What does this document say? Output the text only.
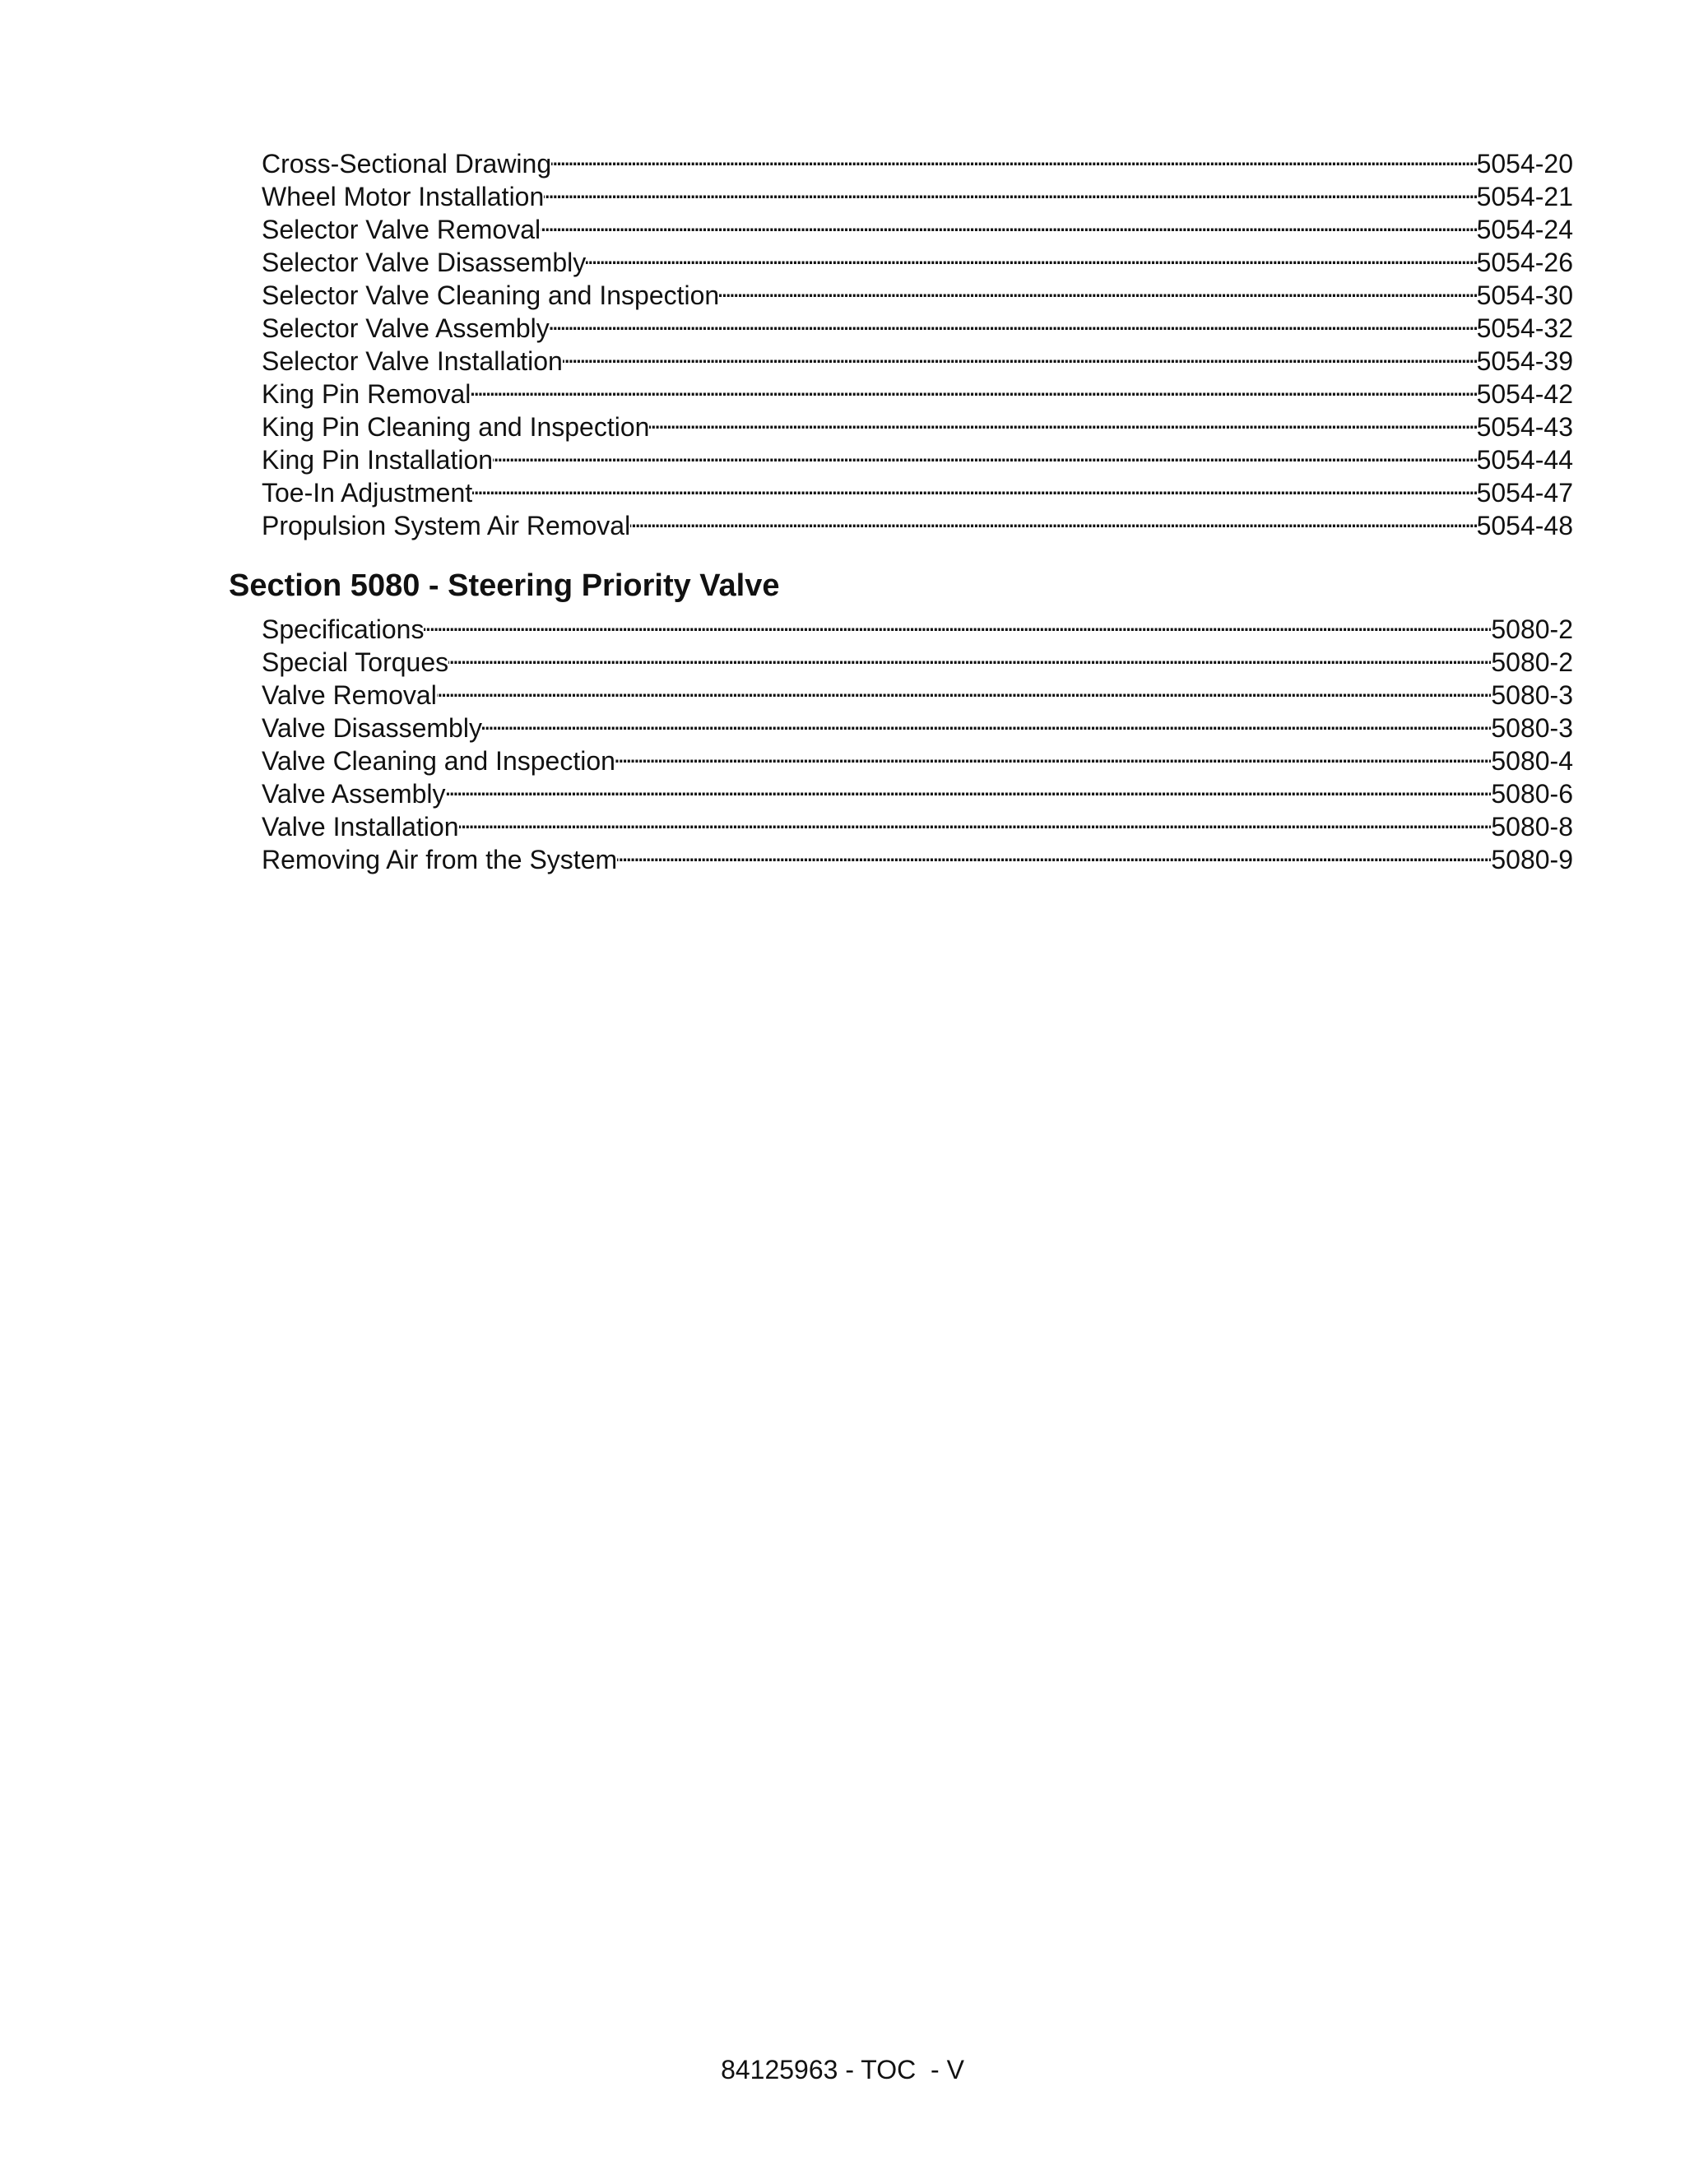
Cross-Sectional Drawing . . .	5054-20
Wheel Motor Installation . . .	5054-21
Selector Valve Removal . . .	5054-24
Selector Valve Disassembly . . .	5054-26
Selector Valve Cleaning and Inspection . . .	5054-30
Selector Valve Assembly . . .	5054-32
Selector Valve Installation . . .	5054-39
King Pin Removal . . .	5054-42
King Pin Cleaning and Inspection . . .	5054-43
King Pin Installation . . .	5054-44
Toe-In Adjustment . . .	5054-47
Propulsion System Air Removal . . .	5054-48
Section 5080 - Steering Priority Valve
Specifications . . .	5080-2
Special Torques . . .	5080-2
Valve Removal . . .	5080-3
Valve Disassembly . . .	5080-3
Valve Cleaning and Inspection . . .	5080-4
Valve Assembly . . .	5080-6
Valve Installation . . .	5080-8
Removing Air from the System . . .	5080-9
84125963 - TOC  - V
